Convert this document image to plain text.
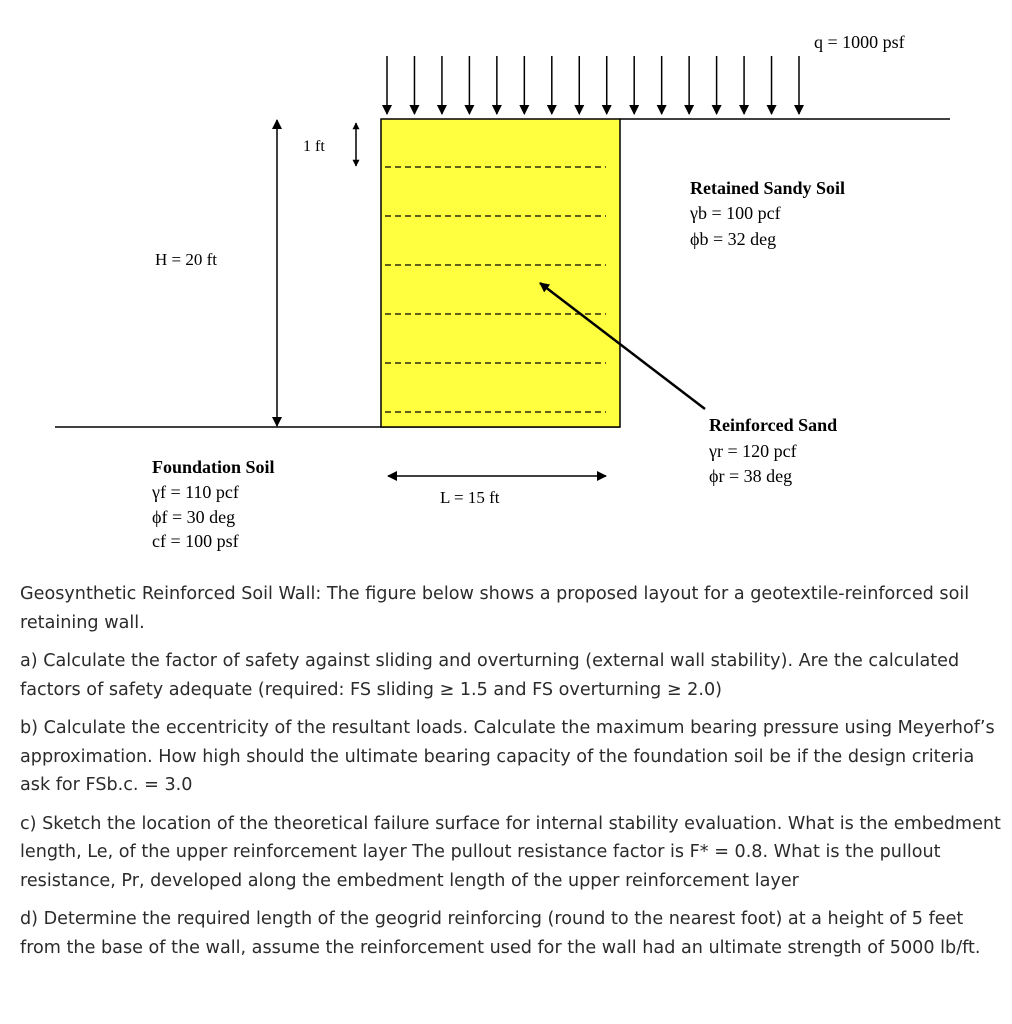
q = 1000 psf
H = 20 ft
1 ft
L = 15 ft
Retained Sandy Soil
γb = 100 pcf
ϕb = 32 deg
Reinforced Sand
γr = 120 pcf
ϕr = 38 deg
Foundation Soil
γf = 110 pcf
ϕf = 30 deg
cf = 100 psf

Geosynthetic Reinforced Soil Wall: The figure below shows a proposed layout for a geotextile-reinforced soil retaining wall.

a) Calculate the factor of safety against sliding and overturning (external wall stability). Are the calculated factors of safety adequate (required: FS sliding ≥ 1.5 and FS overturning ≥ 2.0)

b) Calculate the eccentricity of the resultant loads. Calculate the maximum bearing pressure using Meyerhof’s approximation. How high should the ultimate bearing capacity of the foundation soil be if the design criteria ask for FSb.c. = 3.0

c) Sketch the location of the theoretical failure surface for internal stability evaluation. What is the embedment length, Le, of the upper reinforcement layer The pullout resistance factor is F* = 0.8. What is the pullout resistance, Pr, developed along the embedment length of the upper reinforcement layer

d) Determine the required length of the geogrid reinforcing (round to the nearest foot) at a height of 5 feet from the base of the wall, assume the reinforcement used for the wall had an ultimate strength of 5000 lb/ft.
